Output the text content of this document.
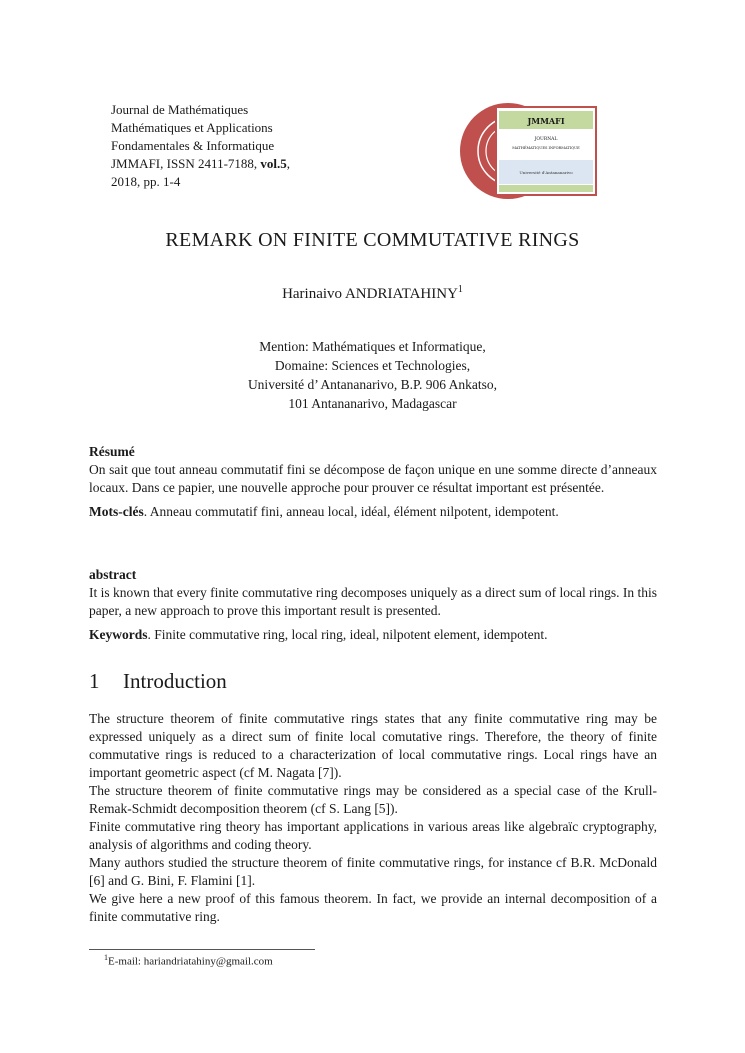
Journal de Mathématiques
Mathématiques et Applications
Fondamentales & Informatique
JMMAFI, ISSN 2411-7188, vol.5,
2018, pp. 1-4
JMMAFI
JOURNAL
MATHÉMATIQUES INFORMATIQUE
Université d'Antananarivo
REMARK ON FINITE COMMUTATIVE RINGS
Harinaivo ANDRIATAHINY$^1$
Mention: Mathématiques et Informatique,
Domaine: Sciences et Technologies,
Université d’ Antananarivo, B.P. 906 Ankatso,
101 Antananarivo, Madagascar
Résumé
On sait que tout anneau commutatif fini se décompose de façon unique en une somme directe d’anneaux locaux. Dans ce papier, une nouvelle approche pour prouver ce résultat important est présentée.
Mots-clés. Anneau commutatif fini, anneau local, idéal, élément nilpotent, idempotent.
abstract
It is known that every finite commutative ring decomposes uniquely as a direct sum of local rings. In this paper, a new approach to prove this important result is presented.
Keywords. Finite commutative ring, local ring, ideal, nilpotent element, idempotent.
1 Introduction

The structure theorem of finite commutative rings states that any finite commutative ring may be expressed uniquely as a direct sum of finite local comutative rings. Therefore, the theory of finite commutative rings is reduced to a characterization of local commutative rings. Local rings have an important geometric aspect (cf M. Nagata [7]).

The structure theorem of finite commutative rings may be considered as a special case of the Krull-Remak-Schmidt decomposition theorem (cf S. Lang [5]).

Finite commutative ring theory has important applications in various areas like algebraïc cryptography, analysis of algorithms and coding theory.

Many authors studied the structure theorem of finite commutative rings, for instance cf B.R. McDonald [6] and G. Bini, F. Flamini [1].

We give here a new proof of this famous theorem. In fact, we provide an internal decomposition of a finite commutative ring.

$^1$E-mail: hariandriatahiny@gmail.com
